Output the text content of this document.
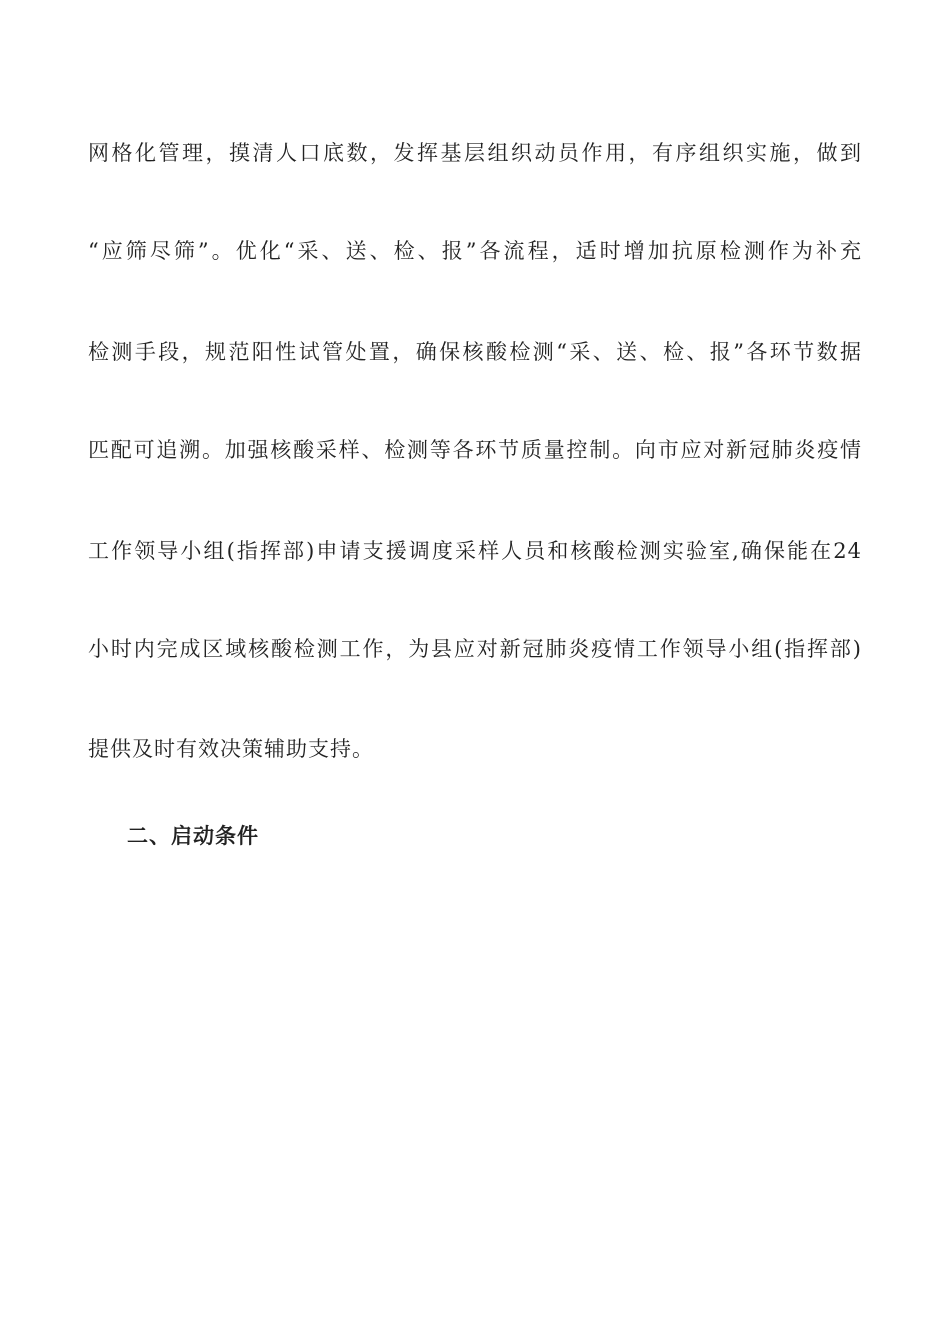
网格化管理，摸清人口底数，发挥基层组织动员作用，有序组织实施，做到
“应筛尽筛”。优化“采、送、检、报”各流程，适时增加抗原检测作为补充
检测手段，规范阳性试管处置，确保核酸检测“采、送、检、报”各环节数据
匹配可追溯。加强核酸采样、检测等各环节质量控制。向市应对新冠肺炎疫情
工作领导小组(指挥部)申请支援调度采样人员和核酸检测实验室,确保能在24
小时内完成区域核酸检测工作，为县应对新冠肺炎疫情工作领导小组(指挥部)
提供及时有效决策辅助支持。
二、启动条件
